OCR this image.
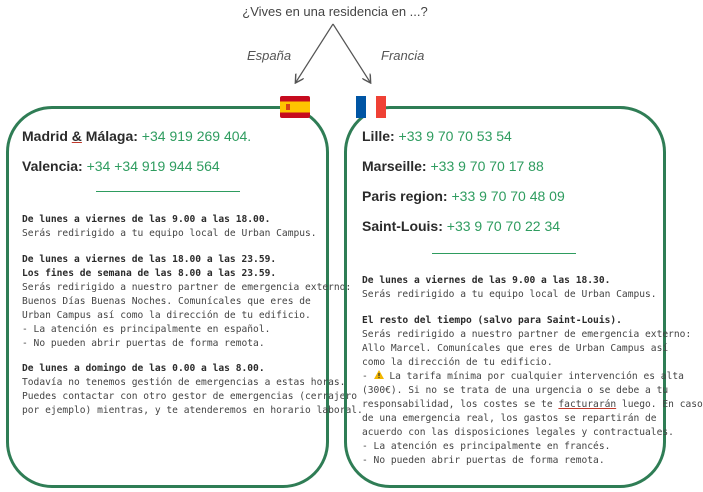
¿Vives en una residencia en ...?
España	Francia
Madrid & Málaga: +34 919 269 404.
Valencia: +34 +34 919 944 564
De lunes a viernes de las 9.00 a las 18.00.
Serás redirigido a tu equipo local de Urban Campus.
De lunes a viernes de las 18.00 a las 23.59.
Los fines de semana de las 8.00 a las 23.59.
Serás redirigido a nuestro partner de emergencia externo:
Buenos Días Buenas Noches. Comunícales que eres de
Urban Campus así como la dirección de tu edificio.
- La atención es principalmente en español.
- No pueden abrir puertas de forma remota.
De lunes a domingo de las 0.00 a las 8.00.
Todavía no tenemos gestión de emergencias a estas horas.
Puedes contactar con otro gestor de emergencias (cerrajero
por ejemplo) mientras, y te atenderemos en horario laboral.
Lille: +33 9 70 70 53 54
Marseille: +33 9 70 70 17 88
Paris region: +33 9 70 70 48 09
Saint-Louis: +33 9 70 70 22 34
De lunes a viernes de las 9.00 a las 18.30.
Serás redirigido a tu equipo local de Urban Campus.
El resto del tiempo (salvo para Saint-Louis).
Serás redirigido a nuestro partner de emergencia externo:
Allo Marcel. Comunícales que eres de Urban Campus así
como la dirección de tu edificio.
-  La tarifa mínima por cualquier intervención es alta
(300€). Si no se trata de una urgencia o se debe a tu
responsabilidad, los costes se te facturarán luego. En caso
de una emergencia real, los gastos se repartirán de
acuerdo con las disposiciones legales y contractuales.
- La atención es principalmente en francés.
- No pueden abrir puertas de forma remota.
